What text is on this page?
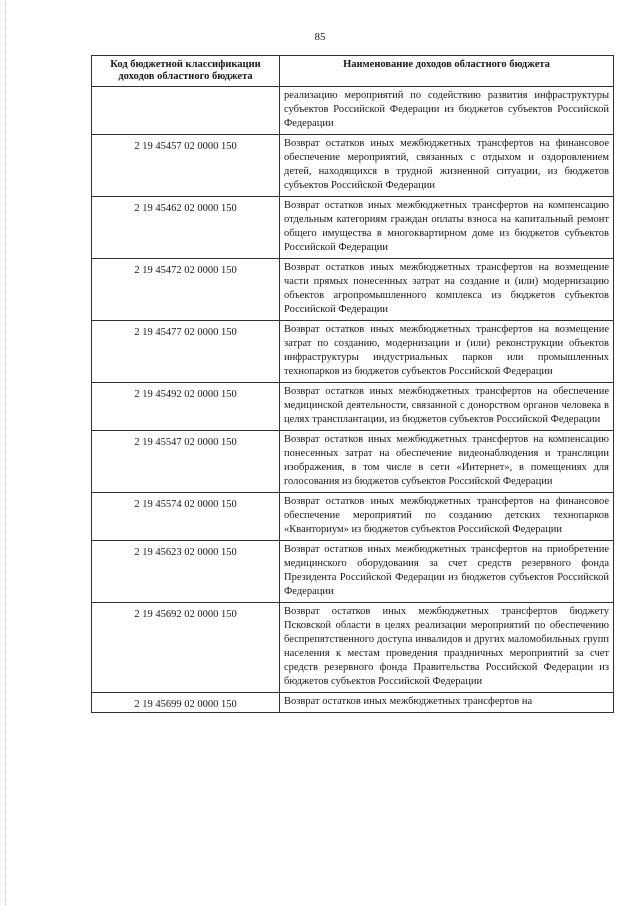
85
Код бюджетной классификации доходов областного бюджета	Наименование доходов областного бюджета
	реализацию мероприятий по содействию развития инфраструктуры субъектов Российской Федерации из бюджетов субъектов Российской Федерации
2 19 45457 02 0000 150	Возврат остатков иных межбюджетных трансфертов на финансовое обеспечение мероприятий, связанных с отдыхом и оздоровлением детей, находящихся в трудной жизненной ситуации, из бюджетов субъектов Российской Федерации
2 19 45462 02 0000 150	Возврат остатков иных межбюджетных трансфертов на компенсацию отдельным категориям граждан оплаты взноса на капитальный ремонт общего имущества в многоквартирном доме из бюджетов субъектов Российской Федерации
2 19 45472 02 0000 150	Возврат остатков иных межбюджетных трансфертов на возмещение части прямых понесенных затрат на создание и (или) модернизацию объектов агропромышленного комплекса из бюджетов субъектов Российской Федерации
2 19 45477 02 0000 150	Возврат остатков иных межбюджетных трансфертов на возмещение затрат по созданию, модернизации и (или) реконструкции объектов инфраструктуры индустриальных парков или промышленных технопарков из бюджетов субъектов Российской Федерации
2 19 45492 02 0000 150	Возврат остатков иных межбюджетных трансфертов на обеспечение медицинской деятельности, связанной с донорством органов человека в целях трансплантации, из бюджетов субъектов Российской Федерации
2 19 45547 02 0000 150	Возврат остатков иных межбюджетных трансфертов на компенсацию понесенных затрат на обеспечение видеонаблюдения и трансляции изображения, в том числе в сети «Интернет», в помещениях для голосования из бюджетов субъектов Российской Федерации
2 19 45574 02 0000 150	Возврат остатков иных межбюджетных трансфертов на финансовое обеспечение мероприятий по созданию детских технопарков «Кванториум» из бюджетов субъектов Российской Федерации
2 19 45623 02 0000 150	Возврат остатков иных межбюджетных трансфертов на приобретение медицинского оборудования за счет средств резервного фонда Президента Российской Федерации из бюджетов субъектов Российской Федерации
2 19 45692 02 0000 150	Возврат остатков иных межбюджетных трансфертов бюджету Псковской области в целях реализации мероприятий по обеспечению беспрепятственного доступа инвалидов и других маломобильных групп населения к местам проведения праздничных мероприятий за счет средств резервного фонда Правительства Российской Федерации из бюджетов субъектов Российской Федерации
2 19 45699 02 0000 150	Возврат остатков иных межбюджетных трансфертов на
